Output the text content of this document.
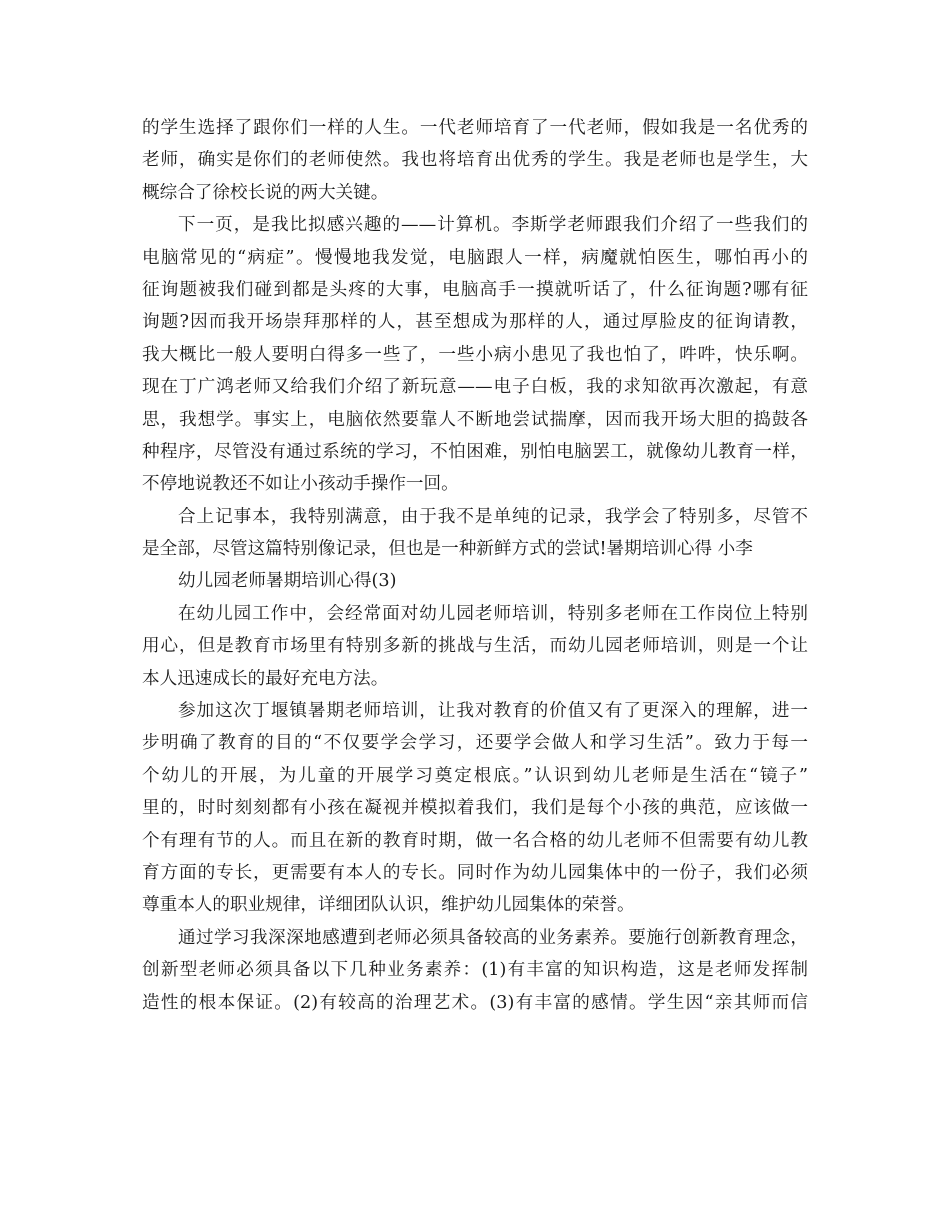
的学生选择了跟你们一样的人生。一代老师培育了一代老师，假如我是一名优秀的
老师，确实是你们的老师使然。我也将培育出优秀的学生。我是老师也是学生，大
概综合了徐校长说的两大关键。
下一页，是我比拟感兴趣的——计算机。李斯学老师跟我们介绍了一些我们的
电脑常见的“病症”。慢慢地我发觉，电脑跟人一样，病魔就怕医生，哪怕再小的
征询题被我们碰到都是头疼的大事，电脑高手一摸就听话了，什么征询题?哪有征
询题?因而我开场崇拜那样的人，甚至想成为那样的人，通过厚脸皮的征询请教，
我大概比一般人要明白得多一些了，一些小病小患见了我也怕了，吽吽，快乐啊。
现在丁广鸿老师又给我们介绍了新玩意——电子白板，我的求知欲再次激起，有意
思，我想学。事实上，电脑依然要靠人不断地尝试揣摩，因而我开场大胆的捣鼓各
种程序，尽管没有通过系统的学习，不怕困难，别怕电脑罢工，就像幼儿教育一样，
不停地说教还不如让小孩动手操作一回。
合上记事本，我特别满意，由于我不是单纯的记录，我学会了特别多，尽管不
是全部，尽管这篇特别像记录，但也是一种新鲜方式的尝试!暑期培训心得 小李
幼儿园老师暑期培训心得(3)
在幼儿园工作中，会经常面对幼儿园老师培训，特别多老师在工作岗位上特别
用心，但是教育市场里有特别多新的挑战与生活，而幼儿园老师培训，则是一个让
本人迅速成长的最好充电方法。
参加这次丁堰镇暑期老师培训，让我对教育的价值又有了更深入的理解，进一
步明确了教育的目的“不仅要学会学习，还要学会做人和学习生活”。致力于每一
个幼儿的开展，为儿童的开展学习奠定根底。”认识到幼儿老师是生活在“镜子”
里的，时时刻刻都有小孩在凝视并模拟着我们，我们是每个小孩的典范，应该做一
个有理有节的人。而且在新的教育时期，做一名合格的幼儿老师不但需要有幼儿教
育方面的专长，更需要有本人的专长。同时作为幼儿园集体中的一份子，我们必须
尊重本人的职业规律，详细团队认识，维护幼儿园集体的荣誉。
通过学习我深深地感遭到老师必须具备较高的业务素养。要施行创新教育理念，
创新型老师必须具备以下几种业务素养：(1)有丰富的知识构造，这是老师发挥制
造性的根本保证。(2)有较高的治理艺术。(3)有丰富的感情。学生因“亲其师而信
